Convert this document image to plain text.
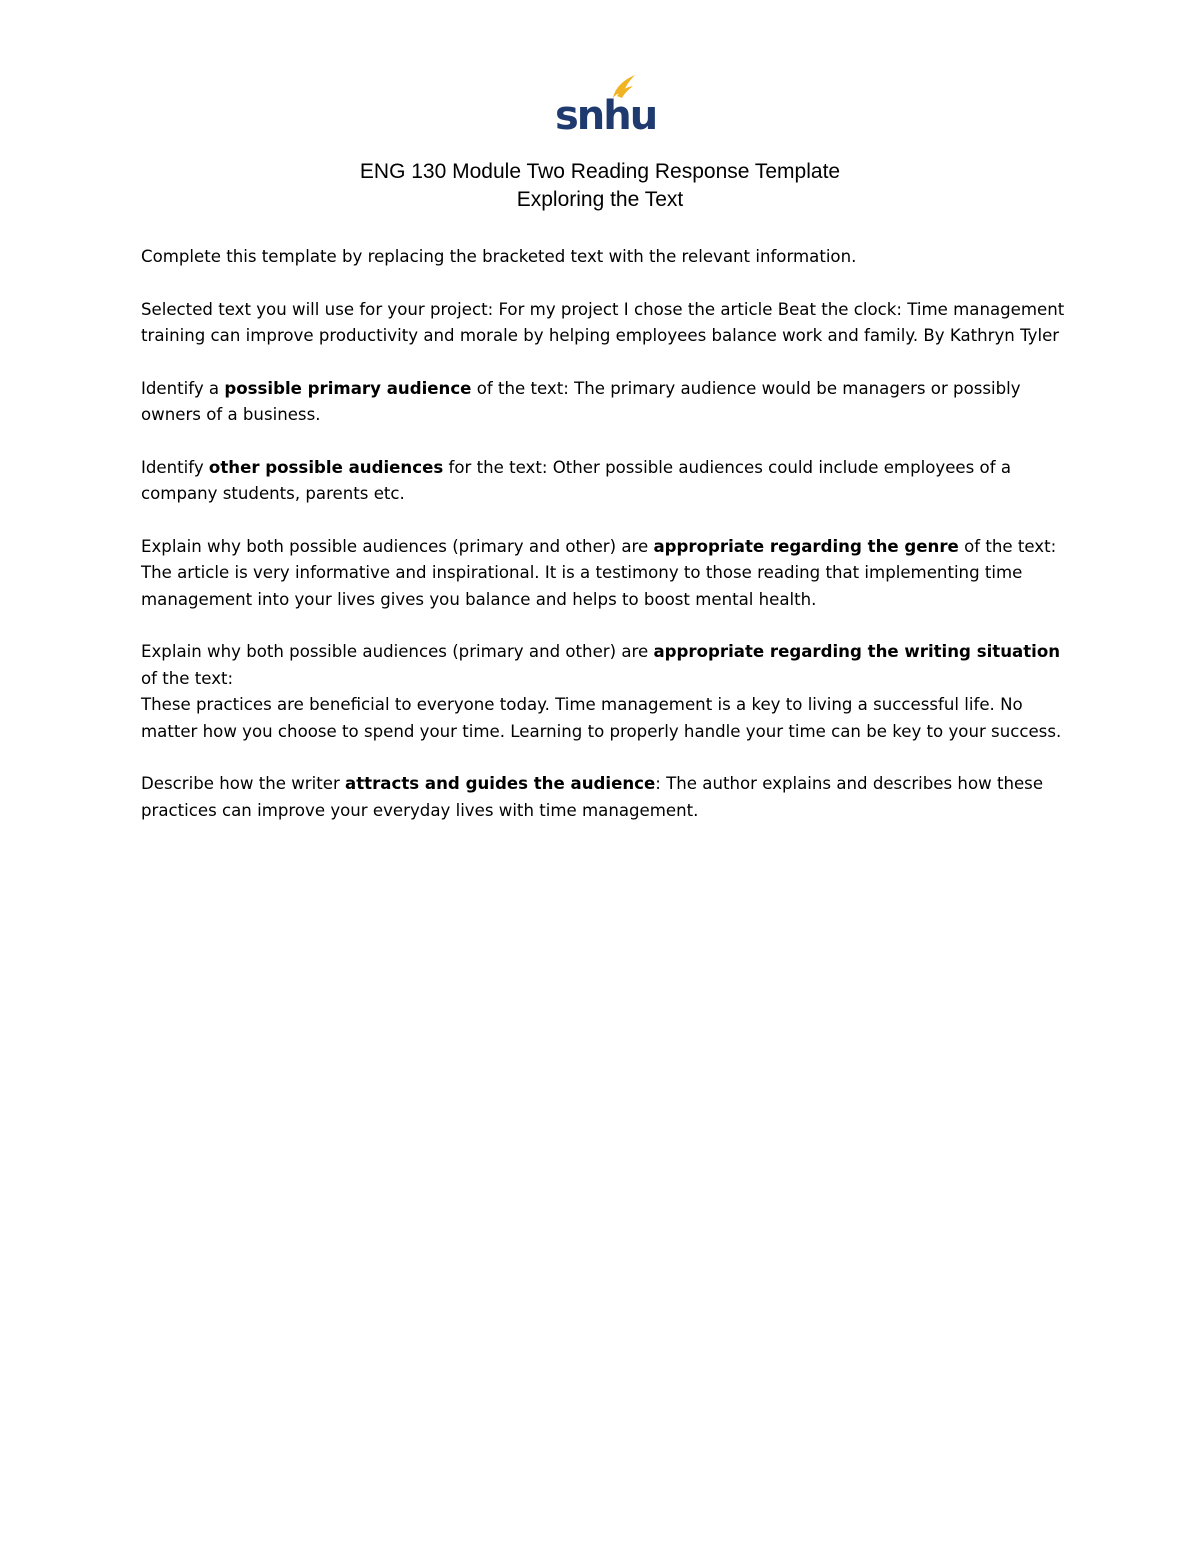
snhu
ENG 130 Module Two Reading Response Template
Exploring the Text

Complete this template by replacing the bracketed text with the relevant information.

Selected text you will use for your project: For my project I chose the article Beat the clock: Time management training can improve productivity and morale by helping employees balance work and family. By Kathryn Tyler

Identify a possible primary audience of the text: The primary audience would be managers or possibly owners of a business.

Identify other possible audiences for the text: Other possible audiences could include employees of a company students, parents etc.

Explain why both possible audiences (primary and other) are appropriate regarding the genre of the text: The article is very informative and inspirational. It is a testimony to those reading that implementing time management into your lives gives you balance and helps to boost mental health.

Explain why both possible audiences (primary and other) are appropriate regarding the writing situation of the text:

These practices are beneficial to everyone today. Time management is a key to living a successful life. No matter how you choose to spend your time. Learning to properly handle your time can be key to your success.

Describe how the writer attracts and guides the audience: The author explains and describes how these practices can improve your everyday lives with time management.
